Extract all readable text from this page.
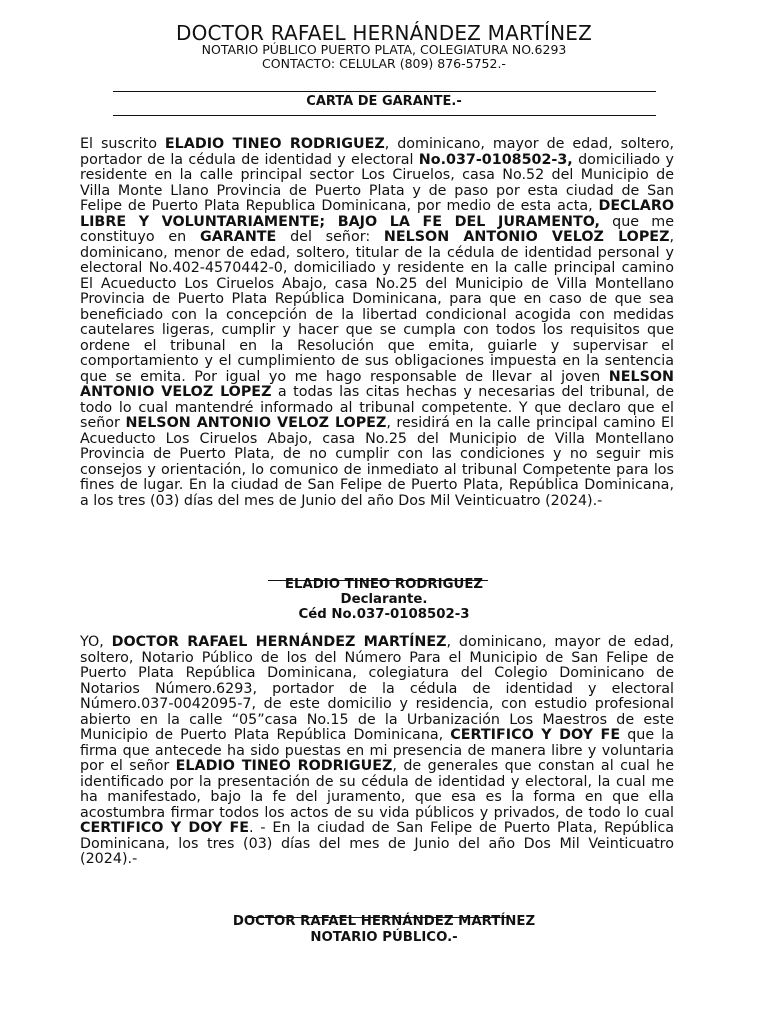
DOCTOR RAFAEL HERNÁNDEZ MARTÍNEZ
NOTARIO PÚBLICO PUERTO PLATA, COLEGIATURA NO.6293
CONTACTO: CELULAR (809) 876-5752.-
CARTA DE GARANTE.-
El suscrito ELADIO TINEO RODRIGUEZ, dominicano, mayor de edad, soltero, portador de la cédula de identidad y electoral No.037-0108502-3, domiciliado y residente en la calle principal sector Los Ciruelos, casa No.52 del Municipio de Villa Monte Llano Provincia de Puerto Plata y de paso por esta ciudad de San Felipe de Puerto Plata Republica Dominicana, por medio de esta acta, DECLARO LIBRE Y VOLUNTARIAMENTE; BAJO LA FE DEL JURAMENTO, que me constituyo en GARANTE del señor: NELSON ANTONIO VELOZ LOPEZ, dominicano, menor de edad, soltero, titular de la cédula de identidad personal y electoral No.402-4570442-0, domiciliado y residente en la calle principal camino El Acueducto Los Ciruelos Abajo, casa No.25 del Municipio de Villa Montellano Provincia de Puerto Plata República Dominicana, para que en caso de que sea beneficiado con la concepción de la libertad condicional acogida con medidas cautelares ligeras, cumplir y hacer que se cumpla con todos los requisitos que ordene el tribunal en la Resolución que emita, guiarle y supervisar el comportamiento y el cumplimiento de sus obligaciones impuesta en la sentencia que se emita. Por igual yo me hago responsable de llevar al joven NELSON ANTONIO VELOZ LOPEZ a todas las citas hechas y necesarias del tribunal, de todo lo cual mantendré informado al tribunal competente. Y que declaro que el señor NELSON ANTONIO VELOZ LOPEZ, residirá en la calle principal camino El Acueducto Los Ciruelos Abajo, casa No.25 del Municipio de Villa Montellano Provincia de Puerto Plata, de no cumplir con las condiciones y no seguir mis consejos y orientación, lo comunico de inmediato al tribunal Competente para los fines de lugar. En la ciudad de San Felipe de Puerto Plata, República Dominicana, a los tres (03) días del mes de Junio del año Dos Mil Veinticuatro (2024).-
ELADIO TINEO RODRIGUEZ
Declarante.
Céd No.037-0108502-3
YO, DOCTOR RAFAEL HERNÁNDEZ MARTÍNEZ, dominicano, mayor de edad, soltero, Notario Público de los del Número Para el Municipio de San Felipe de Puerto Plata República Dominicana, colegiatura del Colegio Dominicano de Notarios Número.6293, portador de la cédula de identidad y electoral Número.037-0042095-7, de este domicilio y residencia, con estudio profesional abierto en la calle “05”casa No.15 de la Urbanización Los Maestros de este Municipio de Puerto Plata República Dominicana, CERTIFICO Y DOY FE que la firma que antecede ha sido puestas en mi presencia de manera libre y voluntaria por el señor ELADIO TINEO RODRIGUEZ, de generales que constan al cual he identificado por la presentación de su cédula de identidad y electoral, la cual me ha manifestado, bajo la fe del juramento, que esa es la forma en que ella acostumbra firmar todos los actos de su vida públicos y privados, de todo lo cual CERTIFICO Y DOY FE. - En la ciudad de San Felipe de Puerto Plata, República Dominicana, los tres (03) días del mes de Junio del año Dos Mil Veinticuatro (2024).-
DOCTOR RAFAEL HERNÁNDEZ MARTÍNEZ
NOTARIO PÚBLICO.-
